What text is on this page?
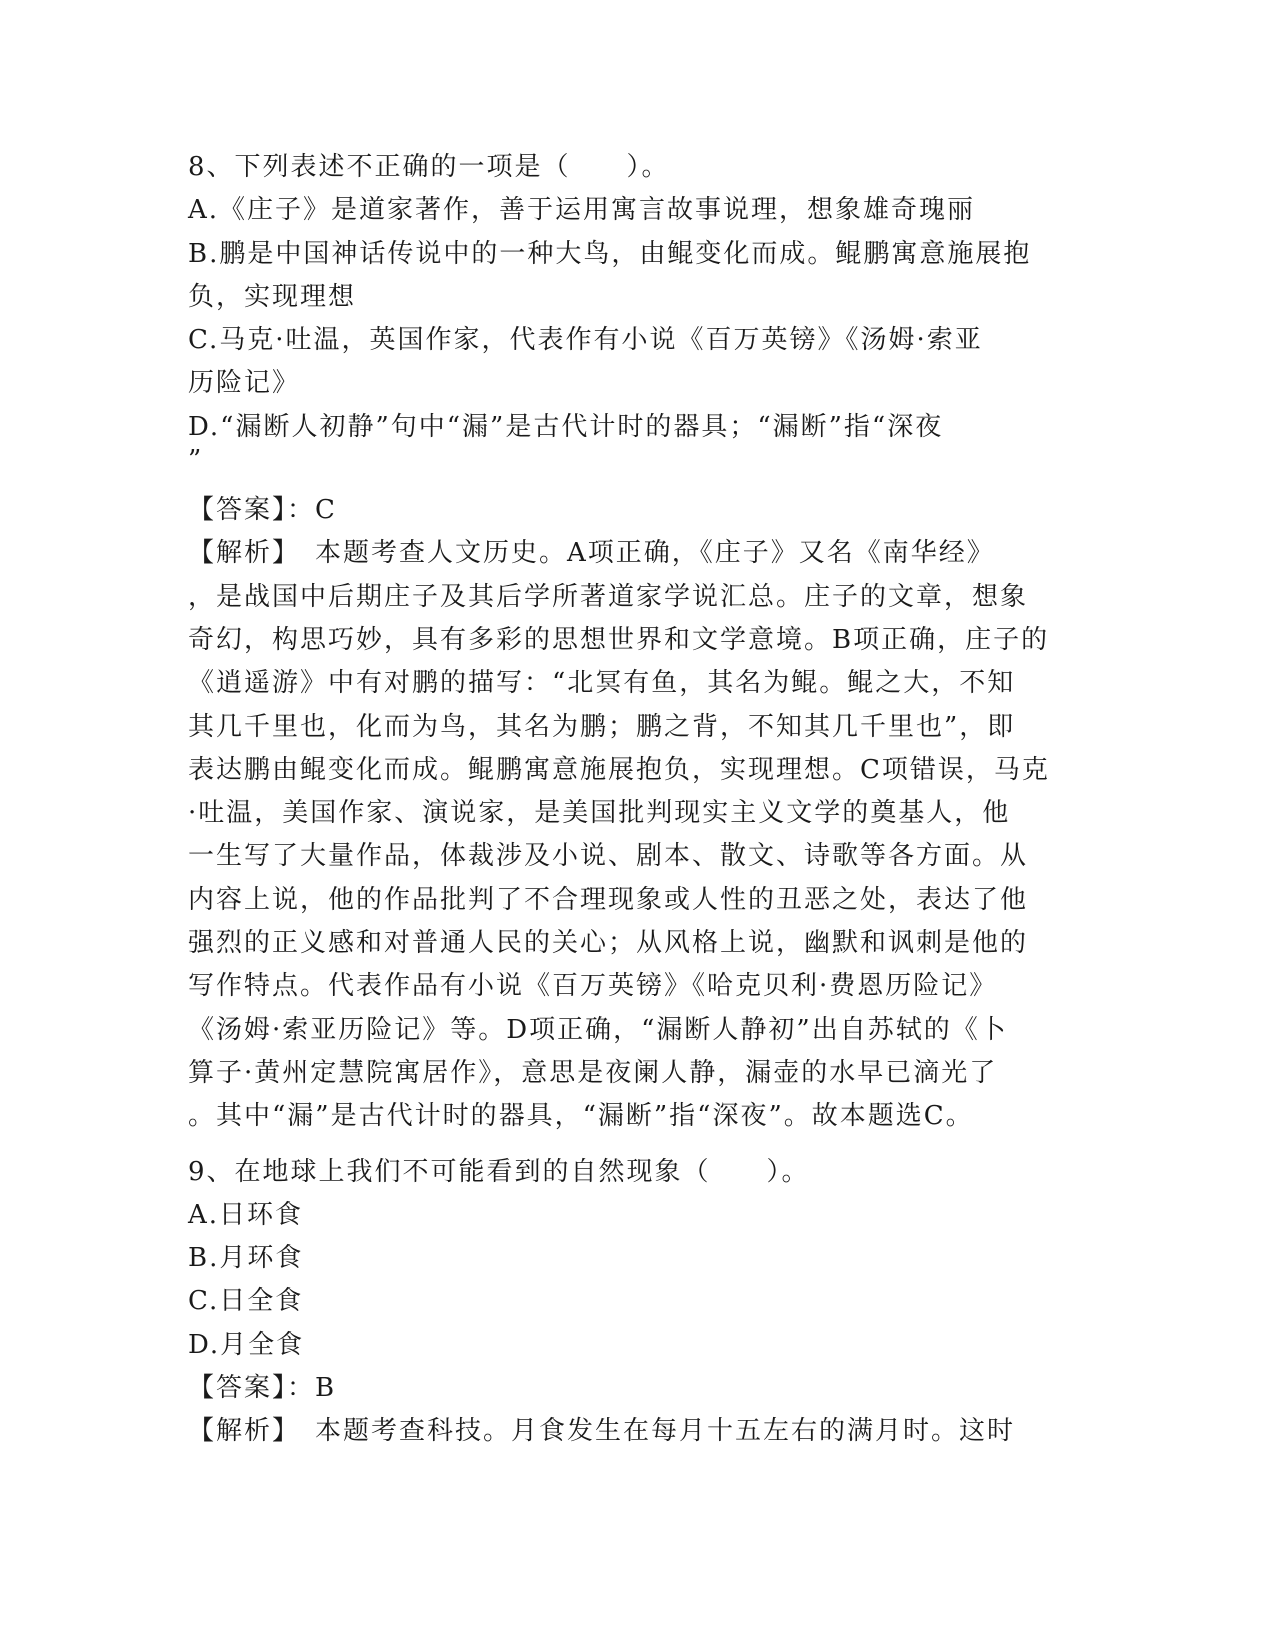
8、下列表述不正确的一项是（　　）。
A.《庄子》是道家著作，善于运用寓言故事说理，想象雄奇瑰丽
B.鹏是中国神话传说中的一种大鸟，由鲲变化而成。鲲鹏寓意施展抱
负，实现理想
C.马克·吐温，英国作家，代表作有小说《百万英镑》《汤姆·索亚
历险记》
D.“漏断人初静”句中“漏”是古代计时的器具；“漏断”指“深夜
”
【答案】：C
【解析】　本题考查人文历史。A项正确，《庄子》又名《南华经》
，是战国中后期庄子及其后学所著道家学说汇总。庄子的文章，想象
奇幻，构思巧妙，具有多彩的思想世界和文学意境。B项正确，庄子的
《逍遥游》中有对鹏的描写：“北冥有鱼，其名为鲲。鲲之大，不知
其几千里也，化而为鸟，其名为鹏；鹏之背，不知其几千里也”，即
表达鹏由鲲变化而成。鲲鹏寓意施展抱负，实现理想。C项错误，马克
·吐温，美国作家、演说家，是美国批判现实主义文学的奠基人，他
一生写了大量作品，体裁涉及小说、剧本、散文、诗歌等各方面。从
内容上说，他的作品批判了不合理现象或人性的丑恶之处，表达了他
强烈的正义感和对普通人民的关心；从风格上说，幽默和讽刺是他的
写作特点。代表作品有小说《百万英镑》《哈克贝利·费恩历险记》
《汤姆·索亚历险记》等。D项正确，“漏断人静初”出自苏轼的《卜
算子·黄州定慧院寓居作》，意思是夜阑人静，漏壶的水早已滴光了
。其中“漏”是古代计时的器具，“漏断”指“深夜”。故本题选C。
9、在地球上我们不可能看到的自然现象（　　）。
A.日环食
B.月环食
C.日全食
D.月全食
【答案】：B
【解析】　本题考查科技。月食发生在每月十五左右的满月时。这时
